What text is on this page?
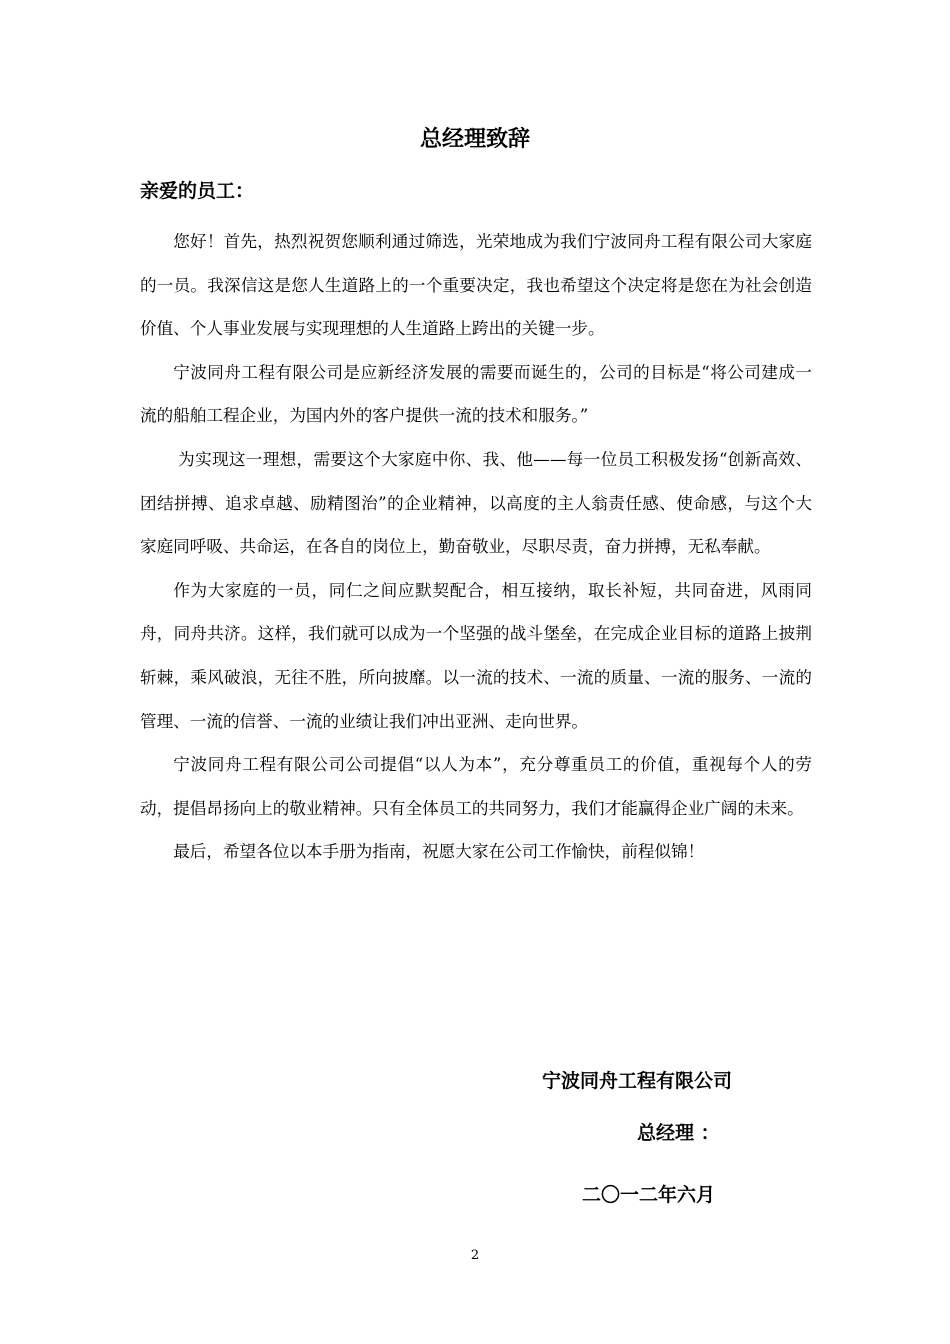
总经理致辞
亲爱的员工：

您好！首先，热烈祝贺您顺利通过筛选，光荣地成为我们宁波同舟工程有限公司大家庭的一员。我深信这是您人生道路上的一个重要决定，我也希望这个决定将是您在为社会创造价值、个人事业发展与实现理想的人生道路上跨出的关键一步。

宁波同舟工程有限公司是应新经济发展的需要而诞生的，公司的目标是“将公司建成一流的船舶工程企业，为国内外的客户提供一流的技术和服务。”

为实现这一理想，需要这个大家庭中你、我、他——每一位员工积极发扬“创新高效、团结拼搏、追求卓越、励精图治”的企业精神，以高度的主人翁责任感、使命感，与这个大家庭同呼吸、共命运，在各自的岗位上，勤奋敬业，尽职尽责，奋力拼搏，无私奉献。

作为大家庭的一员，同仁之间应默契配合，相互接纳，取长补短，共同奋进，风雨同舟，同舟共济。这样，我们就可以成为一个坚强的战斗堡垒，在完成企业目标的道路上披荆斩棘，乘风破浪，无往不胜，所向披靡。以一流的技术、一流的质量、一流的服务、一流的管理、一流的信誉、一流的业绩让我们冲出亚洲、走向世界。

宁波同舟工程有限公司公司提倡“以人为本”，充分尊重员工的价值，重视每个人的劳动，提倡昂扬向上的敬业精神。只有全体员工的共同努力，我们才能赢得企业广阔的未来。

最后，希望各位以本手册为指南，祝愿大家在公司工作愉快，前程似锦！

宁波同舟工程有限公司
总经理 ：
二〇一二年六月
2
